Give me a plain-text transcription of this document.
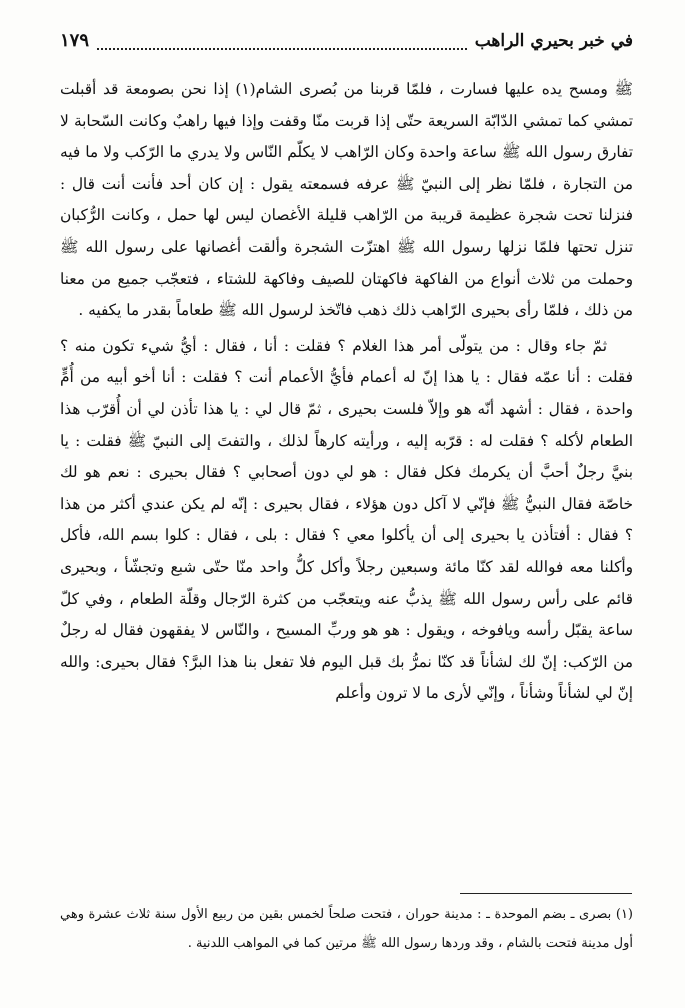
في خبر بحيري الراهب
١٧٩

ﷺ ومسح يده عليها فسارت ، فلمّا قربنا من بُصرى الشام(١) إذا نحن بصومعة قد أقبلت تمشي كما تمشي الدّابّة السريعة حتّى إذا قربت منّا وقفت وإذا فيها راهبٌ وكانت السّحابة لا تفارق رسول الله ﷺ ساعة واحدة وكان الرّاهب لا يكلّم النّاس ولا يدري ما الرّكب ولا ما فيه من التجارة ، فلمّا نظر إلى النبيّ ﷺ عرفه فسمعته يقول : إن كان أحد فأنت أنت قال : فنزلنا تحت شجرة عظيمة قريبة من الرّاهب قليلة الأغصان ليس لها حمل ، وكانت الرُّكبان تنزل تحتها فلمّا نزلها رسول الله ﷺ اهتزّت الشجرة وألقت أغصانها على رسول الله ﷺ وحملت من ثلاث أنواع من الفاكهة فاكهتان للصيف وفاكهة للشتاء ، فتعجّب جميع من معنا من ذلك ، فلمّا رأى بحيرى الرّاهب ذلك ذهب فاتّخذ لرسول الله ﷺ طعاماً بقدر ما يكفيه .

ثمّ جاء وقال : من يتولّى أمر هذا الغلام ؟ فقلت : أنا ، فقال : أيُّ شيء تكون منه ؟ فقلت : أنا عمّه فقال : يا هذا إنّ له أعمام فأيُّ الأعمام أنت ؟ فقلت : أنا أخو أبيه من أُمٍّ واحدة ، فقال : أشهد أنّه هو وإلاّ فلست بحيرى ، ثمّ قال لي : يا هذا تأذن لي أن أُقرّب هذا الطعام لأكله ؟ فقلت له : قرّبه إليه ، ورأيته كارهاً لذلك ، والتفتَ إلى النبيّ ﷺ فقلت : يا بنيَّ رجلٌ أحبَّ أن يكرمك فكل فقال : هو لي دون أصحابي ؟ فقال بحيرى : نعم هو لك خاصّة فقال النبيُّ ﷺ فإنّي لا آكل دون هؤلاء ، فقال بحيرى : إنّه لم يكن عندي أكثر من هذا ؟ فقال : أفتأذن يا بحيرى إلى أن يأكلوا معي ؟ فقال : بلى ، فقال : كلوا بسم الله، فأكل وأكلنا معه فوالله لقد كنّا مائة وسبعين رجلاً وأكل كلُّ واحد منّا حتّى شبع وتجشّأ ، وبحيرى قائم على رأس رسول الله ﷺ يذبُّ عنه ويتعجّب من كثرة الرّجال وقلّة الطعام ، وفي كلّ ساعة يقبّل رأسه ويافوخه ، ويقول : هو هو وربِّ المسيح ، والنّاس لا يفقهون فقال له رجلٌ من الرّكب: إنّ لك لشأناً قد كنّا نمرُّ بك قبل اليوم فلا تفعل بنا هذا البرَّ؟ فقال بحيرى: والله إنّ لي لشأناً وشأناً ، وإنّي لأرى ما لا ترون وأعلم

(١) بصرى ـ بضم الموحدة ـ : مدينة حوران ، فتحت صلحاً لخمس بقين من ربيع الأول سنة ثلاث عشرة وهي أول مدينة فتحت بالشام ، وقد وردها رسول الله ﷺ مرتين كما في المواهب اللدنية .
